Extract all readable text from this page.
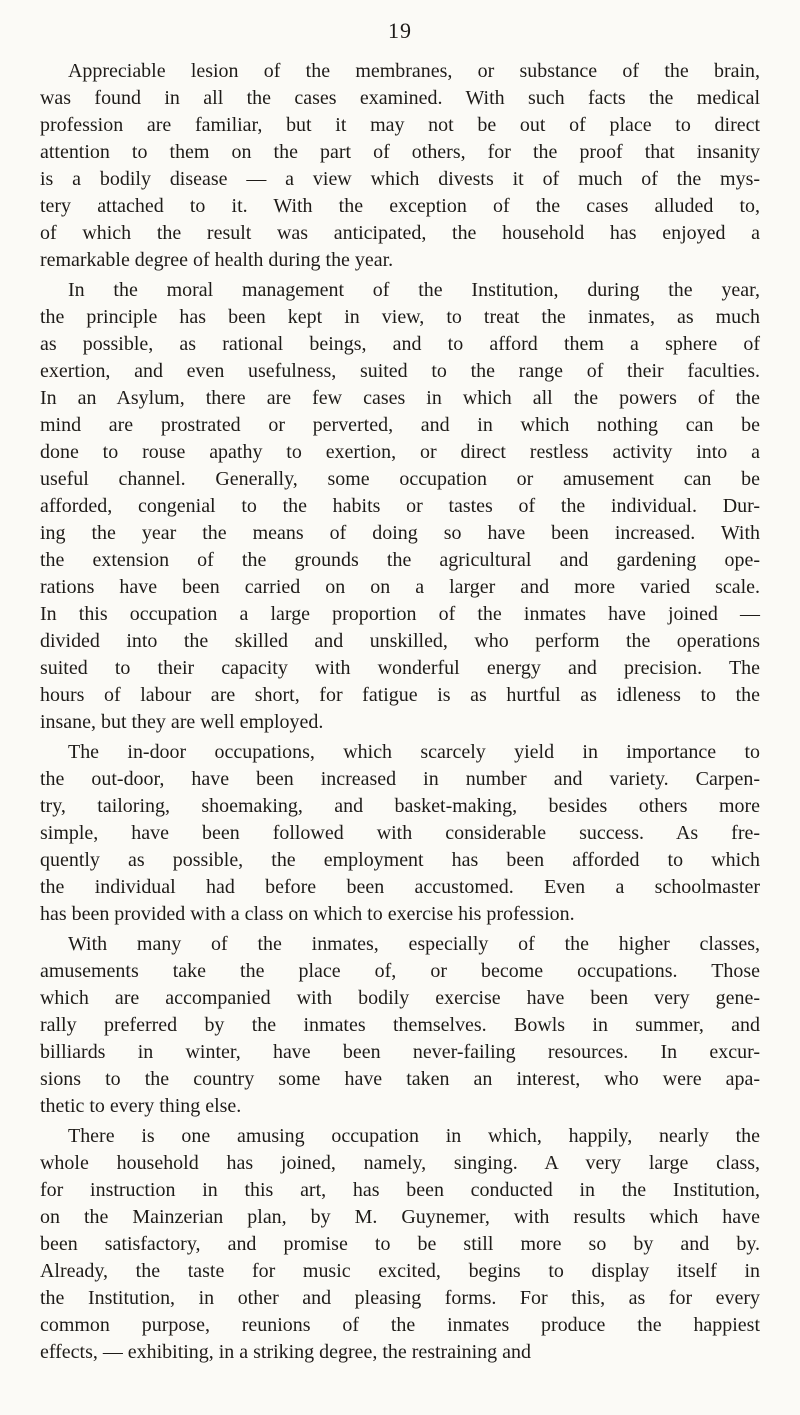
19
Appreciable lesion of the membranes, or substance of the brain,
was found in all the cases examined. With such facts the medical
profession are familiar, but it may not be out of place to direct
attention to them on the part of others, for the proof that insanity
is a bodily disease — a view which divests it of much of the mys-
tery attached to it. With the exception of the cases alluded to,
of which the result was anticipated, the household has enjoyed a
remarkable degree of health during the year.
In the moral management of the Institution, during the year,
the principle has been kept in view, to treat the inmates, as much
as possible, as rational beings, and to afford them a sphere of
exertion, and even usefulness, suited to the range of their faculties.
In an Asylum, there are few cases in which all the powers of the
mind are prostrated or perverted, and in which nothing can be
done to rouse apathy to exertion, or direct restless activity into a
useful channel. Generally, some occupation or amusement can be
afforded, congenial to the habits or tastes of the individual. Dur-
ing the year the means of doing so have been increased. With
the extension of the grounds the agricultural and gardening ope-
rations have been carried on on a larger and more varied scale.
In this occupation a large proportion of the inmates have joined —
divided into the skilled and unskilled, who perform the operations
suited to their capacity with wonderful energy and precision. The
hours of labour are short, for fatigue is as hurtful as idleness to the
insane, but they are well employed.
The in-door occupations, which scarcely yield in importance to
the out-door, have been increased in number and variety. Carpen-
try, tailoring, shoemaking, and basket-making, besides others more
simple, have been followed with considerable success. As fre-
quently as possible, the employment has been afforded to which
the individual had before been accustomed. Even a schoolmaster
has been provided with a class on which to exercise his profession.
With many of the inmates, especially of the higher classes,
amusements take the place of, or become occupations. Those
which are accompanied with bodily exercise have been very gene-
rally preferred by the inmates themselves. Bowls in summer, and
billiards in winter, have been never-failing resources. In excur-
sions to the country some have taken an interest, who were apa-
thetic to every thing else.
There is one amusing occupation in which, happily, nearly the
whole household has joined, namely, singing. A very large class,
for instruction in this art, has been conducted in the Institution,
on the Mainzerian plan, by M. Guynemer, with results which have
been satisfactory, and promise to be still more so by and by.
Already, the taste for music excited, begins to display itself in
the Institution, in other and pleasing forms. For this, as for every
common purpose, reunions of the inmates produce the happiest
effects, — exhibiting, in a striking degree, the restraining and
